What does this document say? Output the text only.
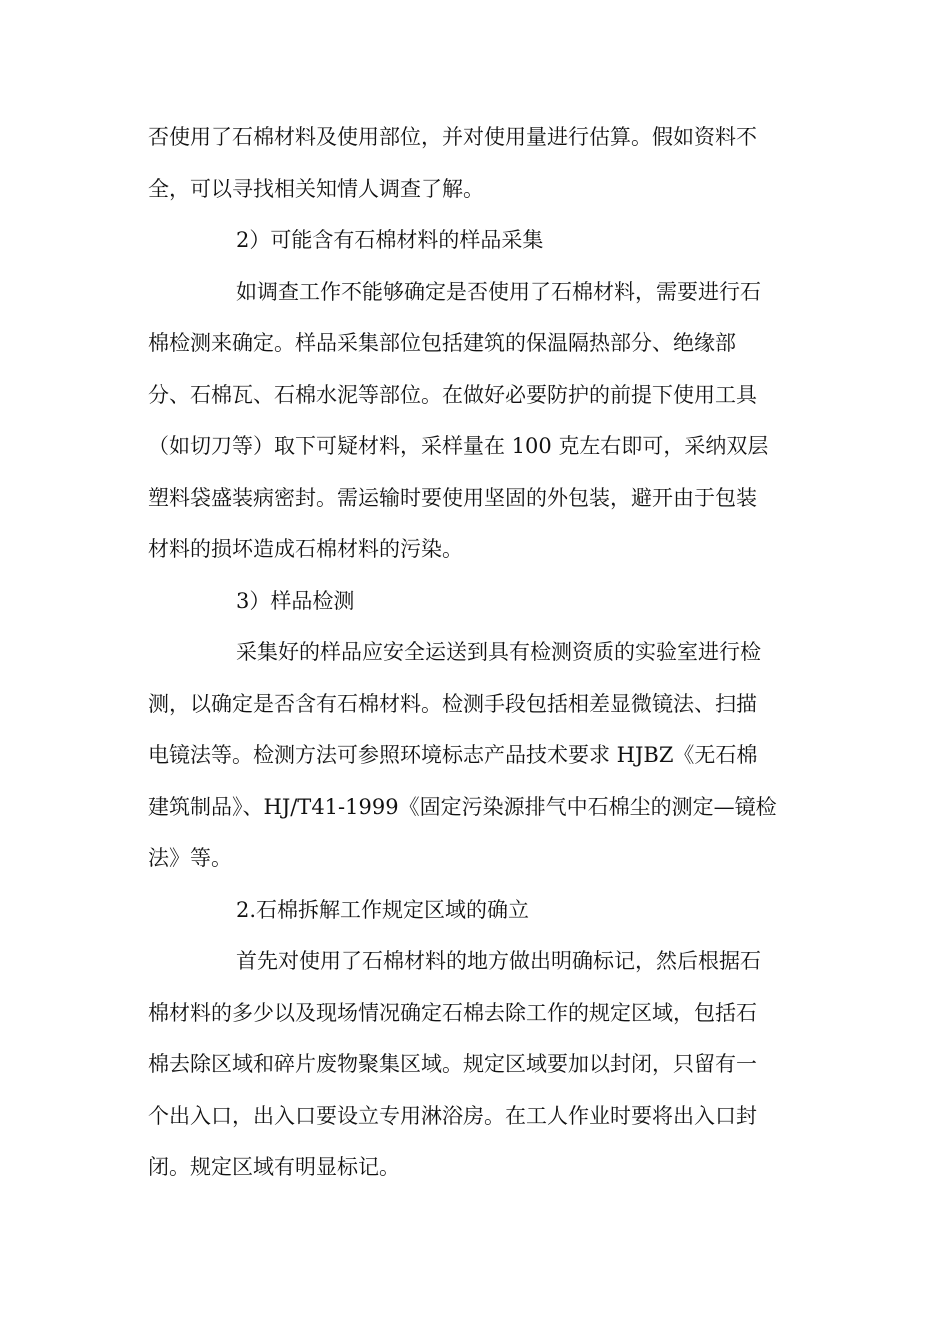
否使用了石棉材料及使用部位，并对使用量进行估算。假如资料不

全，可以寻找相关知情人调查了解。

2）可能含有石棉材料的样品采集

如调查工作不能够确定是否使用了石棉材料，需要进行石

棉检测来确定。样品采集部位包括建筑的保温隔热部分、绝缘部

分、石棉瓦、石棉水泥等部位。在做好必要防护的前提下使用工具

（如切刀等）取下可疑材料，采样量在 100 克左右即可，采纳双层

塑料袋盛装病密封。需运输时要使用坚固的外包装，避开由于包装

材料的损坏造成石棉材料的污染。

3）样品检测

采集好的样品应安全运送到具有检测资质的实验室进行检

测，以确定是否含有石棉材料。检测手段包括相差显微镜法、扫描

电镜法等。检测方法可参照环境标志产品技术要求 HJBZ《无石棉

建筑制品》、HJ/T41-1999《固定污染源排气中石棉尘的测定—镜检

法》等。

2.石棉拆解工作规定区域的确立

首先对使用了石棉材料的地方做出明确标记，然后根据石

棉材料的多少以及现场情况确定石棉去除工作的规定区域，包括石

棉去除区域和碎片废物聚集区域。规定区域要加以封闭，只留有一

个出入口，出入口要设立专用淋浴房。在工人作业时要将出入口封

闭。规定区域有明显标记。
